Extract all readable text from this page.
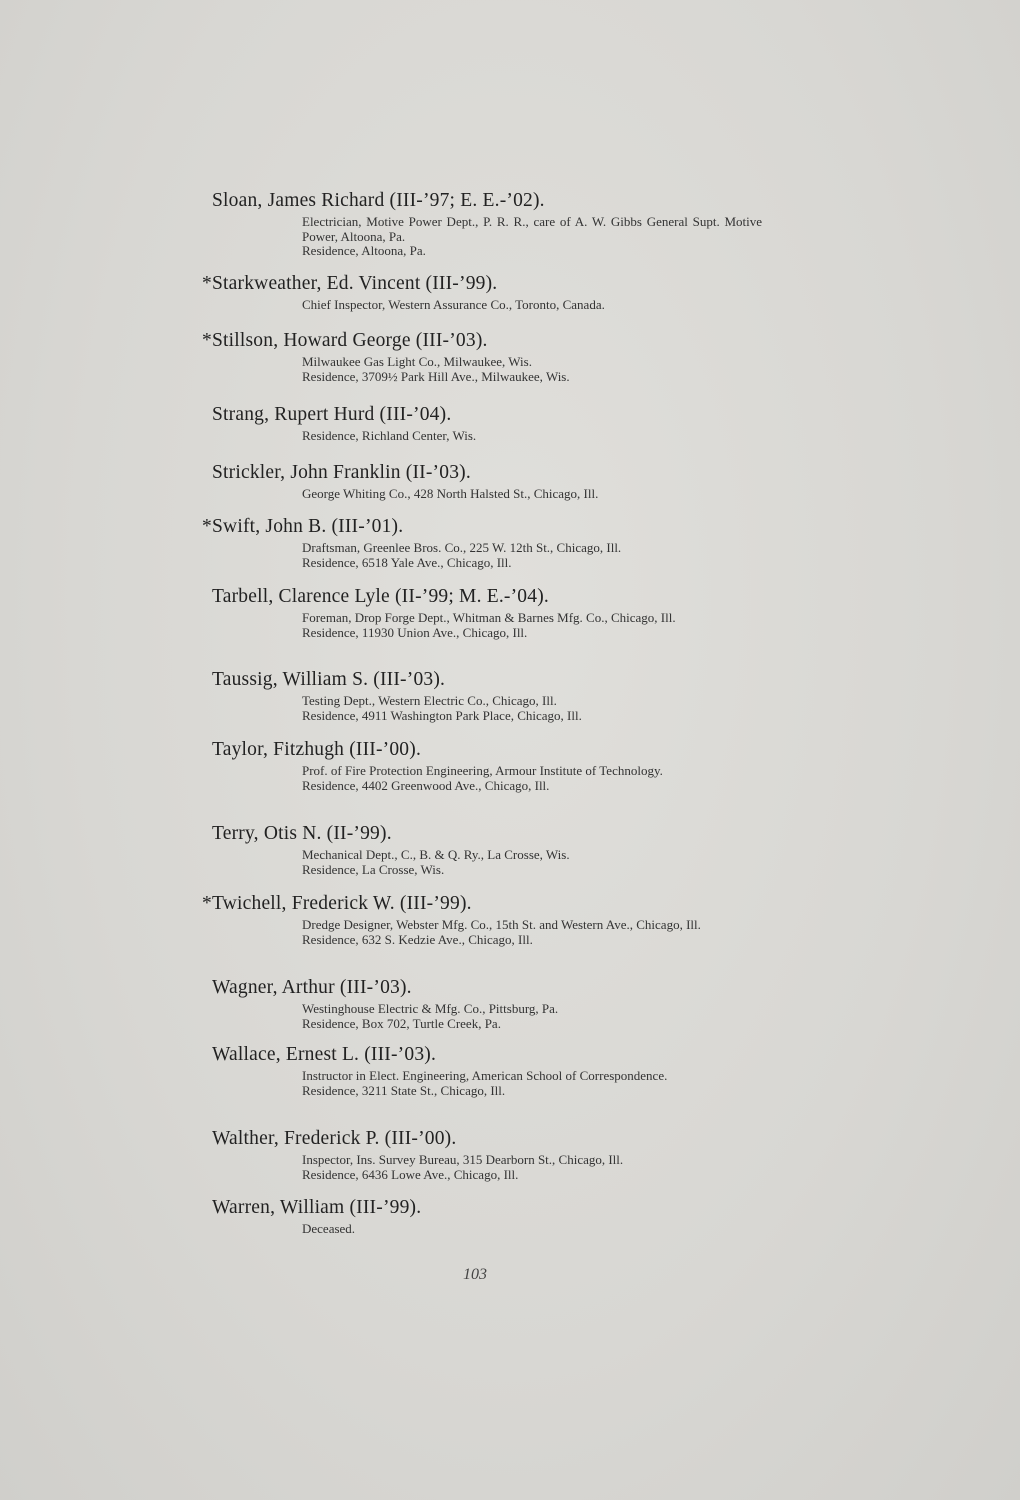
Sloan, James Richard (III-’97; E. E.-’02).
Electrician, Motive Power Dept., P. R. R., care of A. W. Gibbs General Supt. Motive Power, Altoona, Pa.
Residence, Altoona, Pa.
* Starkweather, Ed. Vincent (III-’99).
Chief Inspector, Western Assurance Co., Toronto, Canada.
* Stillson, Howard George (III-’03).
Milwaukee Gas Light Co., Milwaukee, Wis.
Residence, 3709½ Park Hill Ave., Milwaukee, Wis.
Strang, Rupert Hurd (III-’04).
Residence, Richland Center, Wis.
Strickler, John Franklin (II-’03).
George Whiting Co., 428 North Halsted St., Chicago, Ill.
* Swift, John B. (III-’01).
Draftsman, Greenlee Bros. Co., 225 W. 12th St., Chicago, Ill.
Residence, 6518 Yale Ave., Chicago, Ill.
Tarbell, Clarence Lyle (II-’99; M. E.-’04).
Foreman, Drop Forge Dept., Whitman & Barnes Mfg. Co., Chicago, Ill.
Residence, 11930 Union Ave., Chicago, Ill.
Taussig, William S. (III-’03).
Testing Dept., Western Electric Co., Chicago, Ill.
Residence, 4911 Washington Park Place, Chicago, Ill.
Taylor, Fitzhugh (III-’00).
Prof. of Fire Protection Engineering, Armour Institute of Technology.
Residence, 4402 Greenwood Ave., Chicago, Ill.
Terry, Otis N. (II-’99).
Mechanical Dept., C., B. & Q. Ry., La Crosse, Wis.
Residence, La Crosse, Wis.
* Twichell, Frederick W. (III-’99).
Dredge Designer, Webster Mfg. Co., 15th St. and Western Ave., Chicago, Ill.
Residence, 632 S. Kedzie Ave., Chicago, Ill.
Wagner, Arthur (III-’03).
Westinghouse Electric & Mfg. Co., Pittsburg, Pa.
Residence, Box 702, Turtle Creek, Pa.
Wallace, Ernest L. (III-’03).
Instructor in Elect. Engineering, American School of Correspondence.
Residence, 3211 State St., Chicago, Ill.
Walther, Frederick P. (III-’00).
Inspector, Ins. Survey Bureau, 315 Dearborn St., Chicago, Ill.
Residence, 6436 Lowe Ave., Chicago, Ill.
Warren, William (III-’99).
Deceased.
103
